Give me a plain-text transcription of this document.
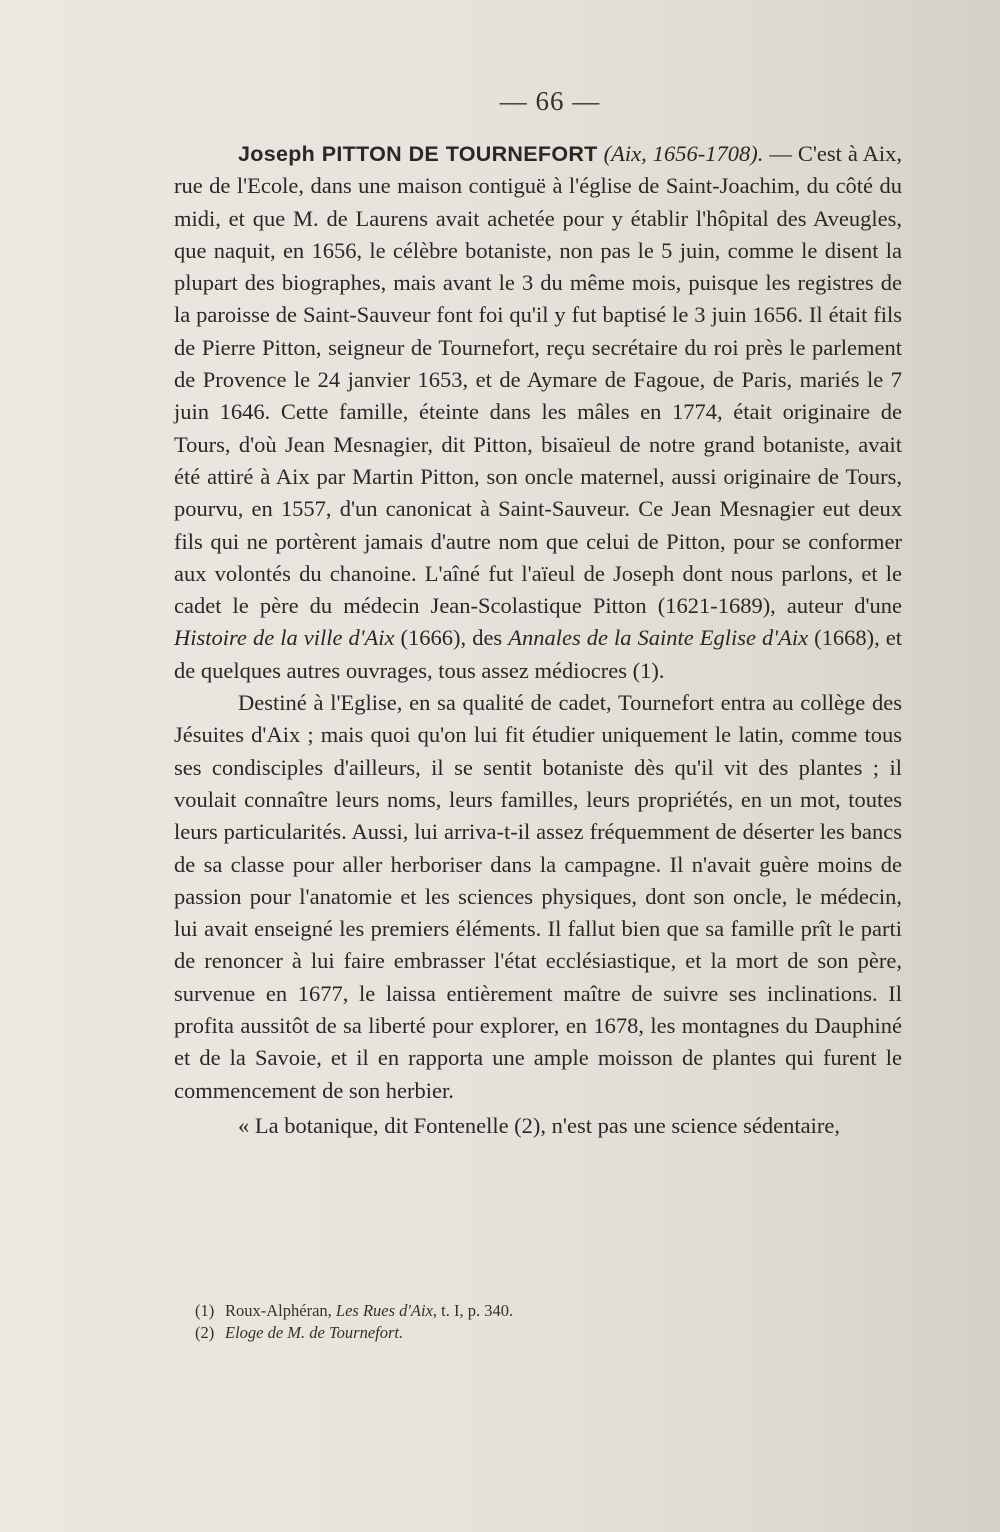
— 66 —

Joseph PITTON DE TOURNEFORT (Aix, 1656-1708). — C'est à Aix, rue de l'Ecole, dans une maison contiguë à l'église de Saint-Joachim, du côté du midi, et que M. de Laurens avait achetée pour y établir l'hôpital des Aveugles, que naquit, en 1656, le célèbre botaniste, non pas le 5 juin, comme le disent la plupart des biographes, mais avant le 3 du même mois, puisque les registres de la paroisse de Saint-Sauveur font foi qu'il y fut baptisé le 3 juin 1656. Il était fils de Pierre Pitton, seigneur de Tournefort, reçu secrétaire du roi près le parlement de Provence le 24 janvier 1653, et de Aymare de Fagoue, de Paris, mariés le 7 juin 1646. Cette famille, éteinte dans les mâles en 1774, était originaire de Tours, d'où Jean Mesnagier, dit Pitton, bisaïeul de notre grand botaniste, avait été attiré à Aix par Martin Pitton, son oncle maternel, aussi originaire de Tours, pourvu, en 1557, d'un canonicat à Saint-Sauveur. Ce Jean Mesnagier eut deux fils qui ne portèrent jamais d'autre nom que celui de Pitton, pour se conformer aux volontés du chanoine. L'aîné fut l'aïeul de Joseph dont nous parlons, et le cadet le père du médecin Jean-Scolastique Pitton (1621-1689), auteur d'une Histoire de la ville d'Aix (1666), des Annales de la Sainte Eglise d'Aix (1668), et de quelques autres ouvrages, tous assez médiocres (1).

Destiné à l'Eglise, en sa qualité de cadet, Tournefort entra au collège des Jésuites d'Aix ; mais quoi qu'on lui fit étudier uniquement le latin, comme tous ses condisciples d'ailleurs, il se sentit botaniste dès qu'il vit des plantes ; il voulait connaître leurs noms, leurs familles, leurs propriétés, en un mot, toutes leurs particularités. Aussi, lui arriva-t-il assez fréquemment de déserter les bancs de sa classe pour aller herboriser dans la campagne. Il n'avait guère moins de passion pour l'anatomie et les sciences physiques, dont son oncle, le médecin, lui avait enseigné les premiers éléments. Il fallut bien que sa famille prît le parti de renoncer à lui faire embrasser l'état ecclésiastique, et la mort de son père, survenue en 1677, le laissa entièrement maître de suivre ses inclinations. Il profita aussitôt de sa liberté pour explorer, en 1678, les montagnes du Dauphiné et de la Savoie, et il en rapporta une ample moisson de plantes qui furent le commencement de son herbier.

« La botanique, dit Fontenelle (2), n'est pas une science sédentaire,

(1) Roux-Alphéran, Les Rues d'Aix, t. I, p. 340.

(2) Eloge de M. de Tournefort.
